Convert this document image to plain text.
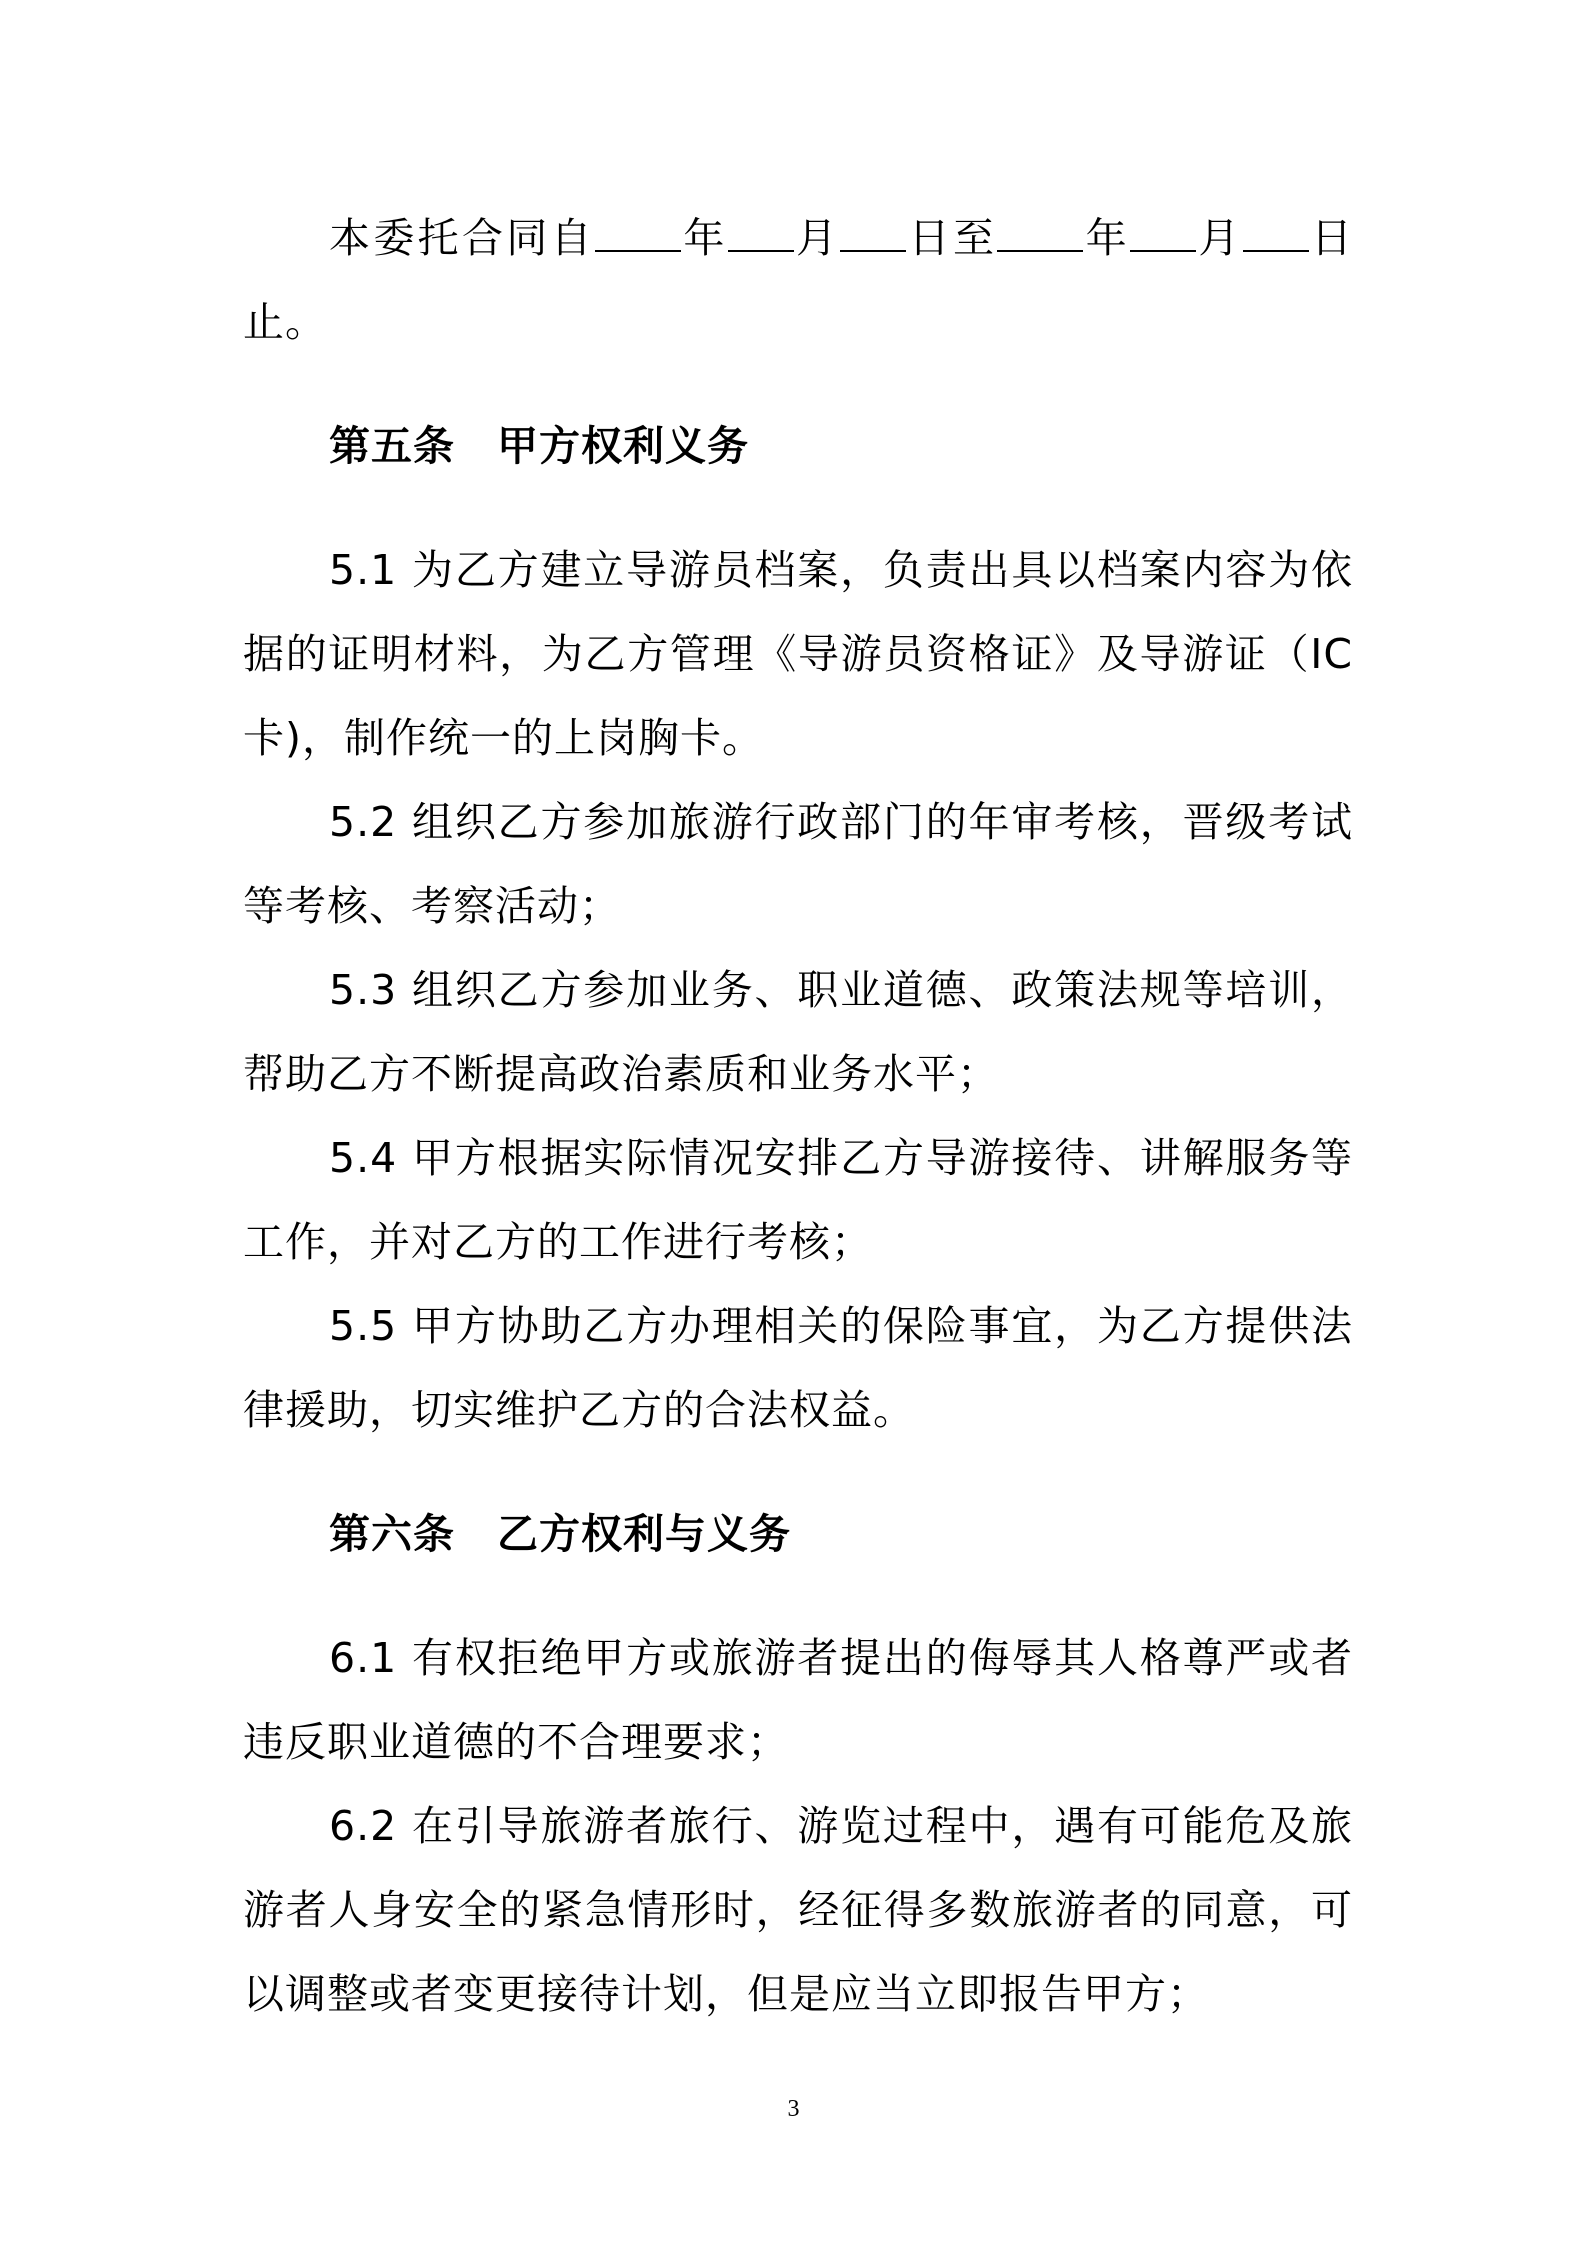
本委托合同自 年 月 日至 年 月 日止。

第五条　甲方权利义务

5.1 为乙方建立导游员档案，负责出具以档案内容为依据的证明材料，为乙方管理《导游员资格证》及导游证（IC卡)，制作统一的上岗胸卡。

5.2 组织乙方参加旅游行政部门的年审考核，晋级考试等考核、考察活动；

5.3 组织乙方参加业务、职业道德、政策法规等培训，帮助乙方不断提高政治素质和业务水平；

5.4 甲方根据实际情况安排乙方导游接待、讲解服务等工作，并对乙方的工作进行考核；

5.5 甲方协助乙方办理相关的保险事宜，为乙方提供法律援助，切实维护乙方的合法权益。

第六条　乙方权利与义务

6.1 有权拒绝甲方或旅游者提出的侮辱其人格尊严或者违反职业道德的不合理要求；

6.2 在引导旅游者旅行、游览过程中，遇有可能危及旅游者人身安全的紧急情形时，经征得多数旅游者的同意，可以调整或者变更接待计划，但是应当立即报告甲方；

3
